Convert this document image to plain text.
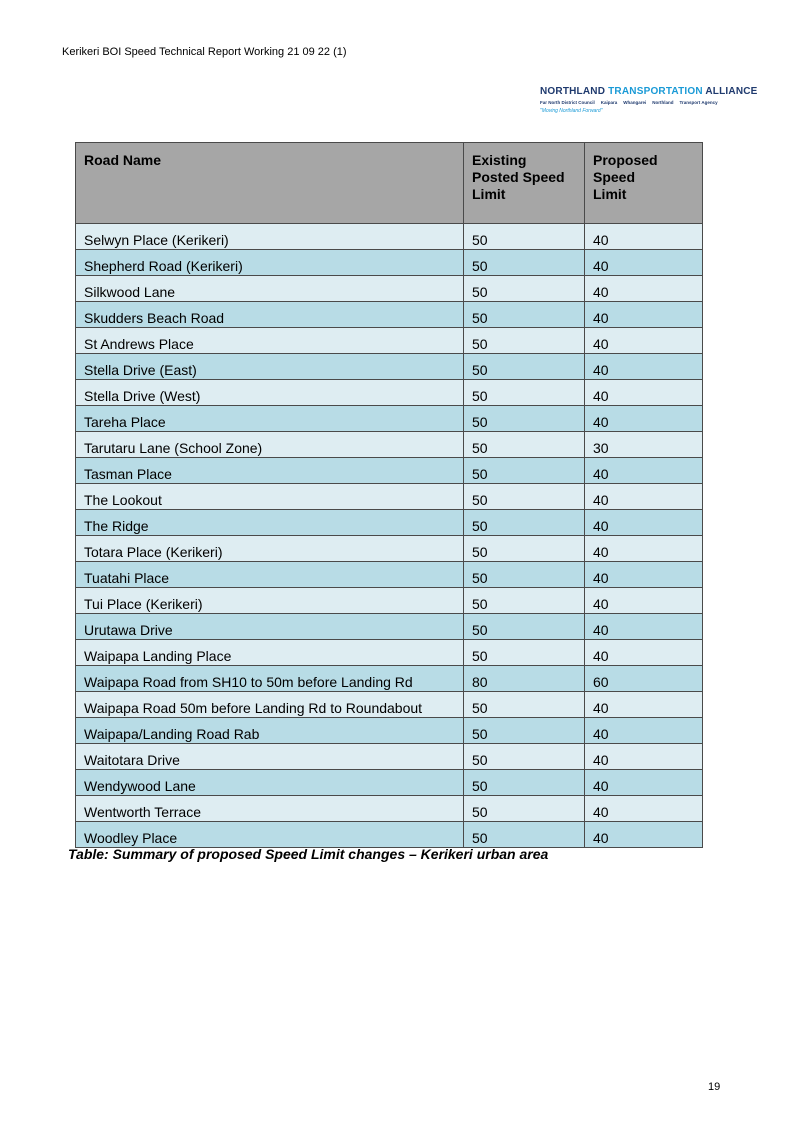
Kerikeri BOI Speed Technical Report Working 21 09 22 (1)
NORTHLAND TRANSPORTATION ALLIANCE
Far North District Council Kaipara Whangarei Northland Transport Agency
"Moving Northland Forward"
Road Name	Existing Posted Speed Limit	Proposed Speed Limit
Selwyn Place (Kerikeri)	50	40
Shepherd Road (Kerikeri)	50	40
Silkwood Lane	50	40
Skudders Beach Road	50	40
St Andrews Place	50	40
Stella Drive (East)	50	40
Stella Drive (West)	50	40
Tareha Place	50	40
Tarutaru Lane (School Zone)	50	30
Tasman Place	50	40
The Lookout	50	40
The Ridge	50	40
Totara Place (Kerikeri)	50	40
Tuatahi Place	50	40
Tui Place (Kerikeri)	50	40
Urutawa Drive	50	40
Waipapa Landing Place	50	40
Waipapa Road from SH10 to 50m before Landing Rd	80	60
Waipapa Road 50m before Landing Rd to Roundabout	50	40
Waipapa/Landing Road Rab	50	40
Waitotara Drive	50	40
Wendywood Lane	50	40
Wentworth Terrace	50	40
Woodley Place	50	40
Table: Summary of proposed Speed Limit changes – Kerikeri urban area
19
